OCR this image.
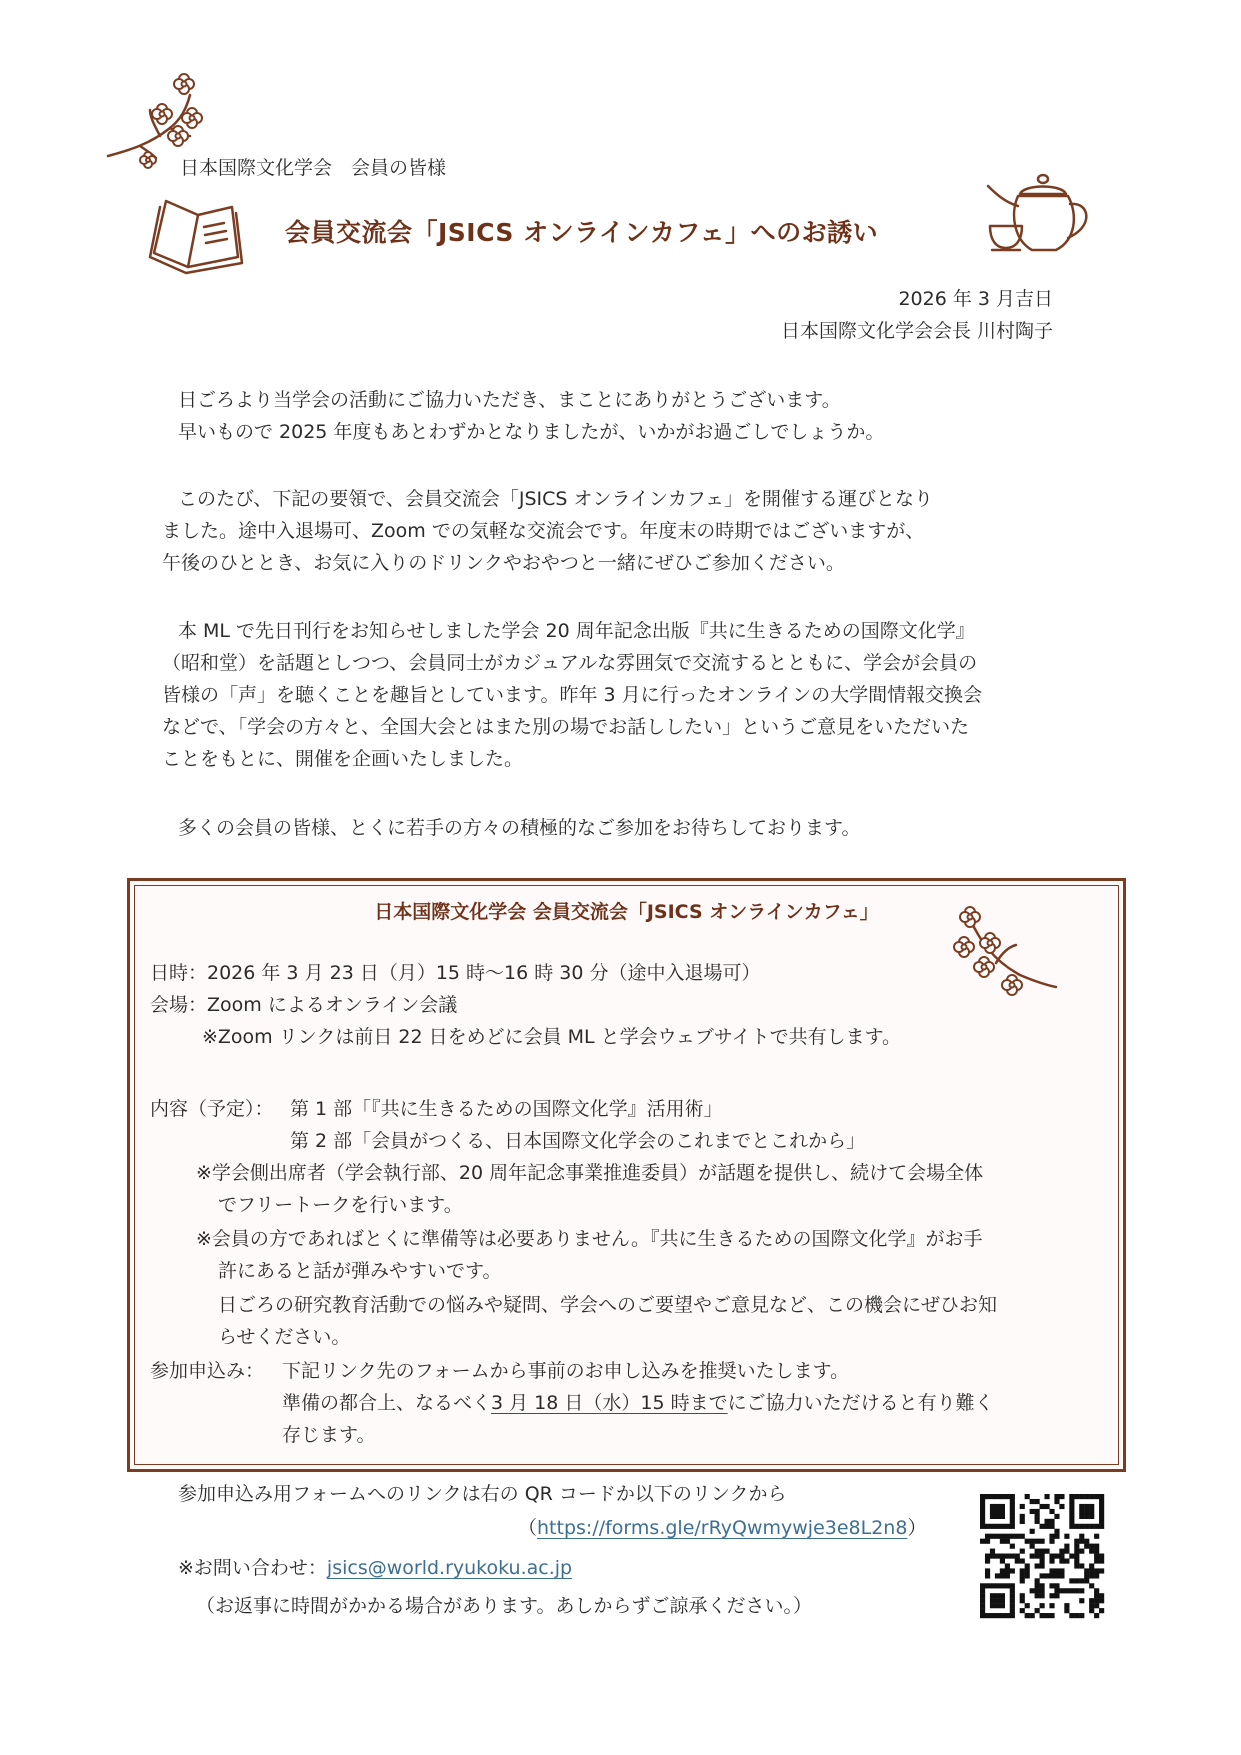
日本国際文化学会　会員の皆様
会員交流会「JSICS オンラインカフェ」へのお誘い
2026 年 3 月吉日
日本国際文化学会会長 川村陶子

日ごろより当学会の活動にご協力いただき、まことにありがとうございます。

早いもので 2025 年度もあとわずかとなりましたが、いかがお過ごしでしょうか。

このたび、下記の要領で、会員交流会「JSICS オンラインカフェ」を開催する運びとなり

ました。途中入退場可、Zoom での気軽な交流会です。年度末の時期ではございますが、

午後のひととき、お気に入りのドリンクやおやつと一緒にぜひご参加ください。

本 ML で先日刊行をお知らせしました学会 20 周年記念出版『共に生きるための国際文化学』

（昭和堂）を話題としつつ、会員同士がカジュアルな雰囲気で交流するとともに、学会が会員の

皆様の「声」を聴くことを趣旨としています。昨年 3 月に行ったオンラインの大学間情報交換会

などで、「学会の方々と、全国大会とはまた別の場でお話ししたい」というご意見をいただいた

ことをもとに、開催を企画いたしました。

多くの会員の皆様、とくに若手の方々の積極的なご参加をお待ちしております。
日本国際文化学会 会員交流会「JSICS オンラインカフェ」
日時：2026 年 3 月 23 日（月）15 時〜16 時 30 分（途中入退場可）
会場：Zoom によるオンライン会議
※Zoom リンクは前日 22 日をめどに会員 ML と学会ウェブサイトで共有します。
内容（予定）： 第 1 部「『共に生きるための国際文化学』活用術」
第 2 部「会員がつくる、日本国際文化学会のこれまでとこれから」
※学会側出席者（学会執行部、20 周年記念事業推進委員）が話題を提供し、続けて会場全体
でフリートークを行います。
※会員の方であればとくに準備等は必要ありません。『共に生きるための国際文化学』がお手
許にあると話が弾みやすいです。
日ごろの研究教育活動での悩みや疑問、学会へのご要望やご意見など、この機会にぜひお知
らせください。
参加申込み： 下記リンク先のフォームから事前のお申し込みを推奨いたします。
準備の都合上、なるべく3 月 18 日（水）15 時までにご協力いただけると有り難く
存じます。
参加申込み用フォームへのリンクは右の QR コードか以下のリンクから
（https://forms.gle/rRyQwmywje3e8L2n8）
※お問い合わせ：jsics@world.ryukoku.ac.jp
（お返事に時間がかかる場合があります。あしからずご諒承ください。）
